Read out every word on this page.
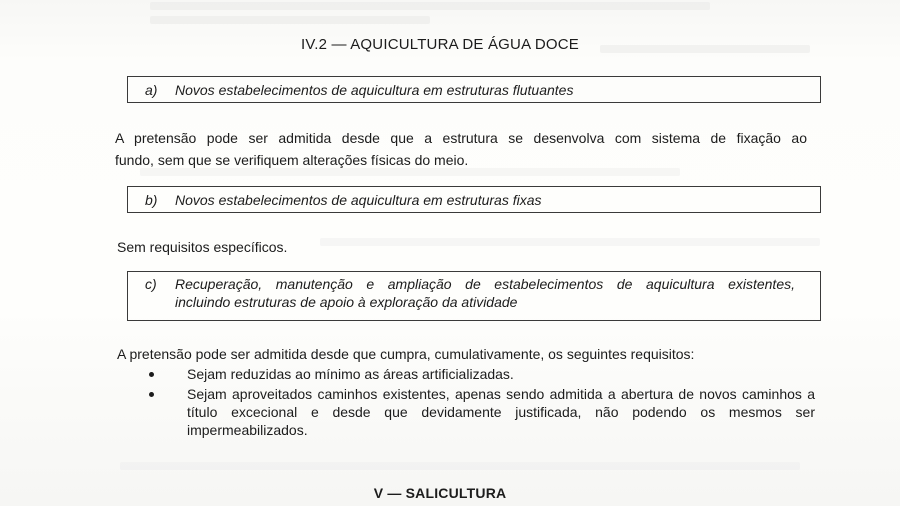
IV.2 — AQUICULTURA DE ÁGUA DOCE
a) Novos estabelecimentos de aquicultura em estruturas flutuantes
A pretensão pode ser admitida desde que a estrutura se desenvolva com sistema de fixação ao
fundo, sem que se verifiquem alterações físicas do meio.
b) Novos estabelecimentos de aquicultura em estruturas fixas
Sem requisitos específicos.
c) Recuperação, manutenção e ampliação de estabelecimentos de aquicultura existentes,
incluindo estruturas de apoio à exploração da atividade
A pretensão pode ser admitida desde que cumpra, cumulativamente, os seguintes requisitos:
Sejam reduzidas ao mínimo as áreas artificializadas.
Sejam aproveitados caminhos existentes, apenas sendo admitida a abertura de novos caminhos a título excecional e desde que devidamente justificada, não podendo os mesmos ser impermeabilizados.
V — SALICULTURA
